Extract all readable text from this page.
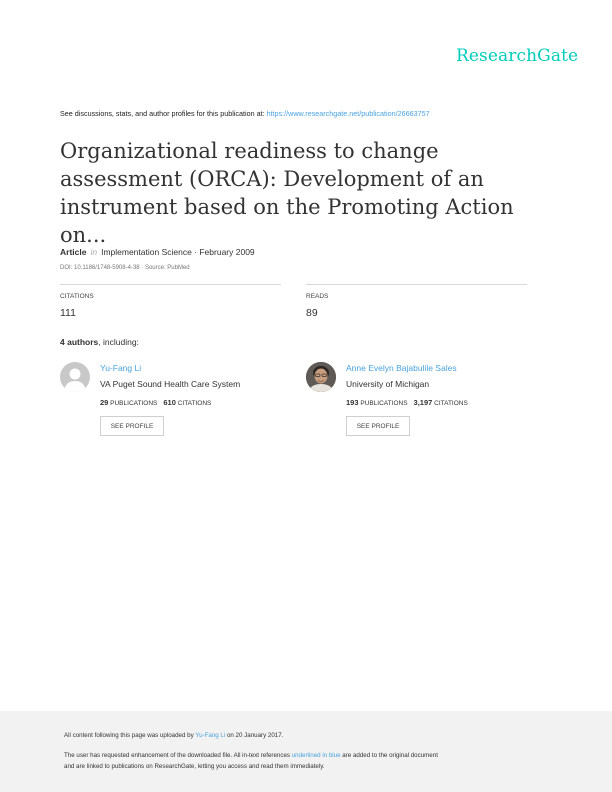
ResearchGate
See discussions, stats, and author profiles for this publication at: https://www.researchgate.net/publication/26663757
Organizational readiness to change assessment (ORCA): Development of an instrument based on the Promoting Action on...
Article in Implementation Science · February 2009
DOI: 10.1186/1748-5908-4-38 · Source: PubMed
CITATIONS
111
READS
89
4 authors, including:
Yu-Fang Li
VA Puget Sound Health Care System
29 PUBLICATIONS 610 CITATIONS
SEE PROFILE
Anne Evelyn Bajabulile Sales
University of Michigan
193 PUBLICATIONS 3,197 CITATIONS
SEE PROFILE
All content following this page was uploaded by Yu-Fang Li on 20 January 2017.
The user has requested enhancement of the downloaded file. All in-text references underlined in blue are added to the original document
and are linked to publications on ResearchGate, letting you access and read them immediately.
